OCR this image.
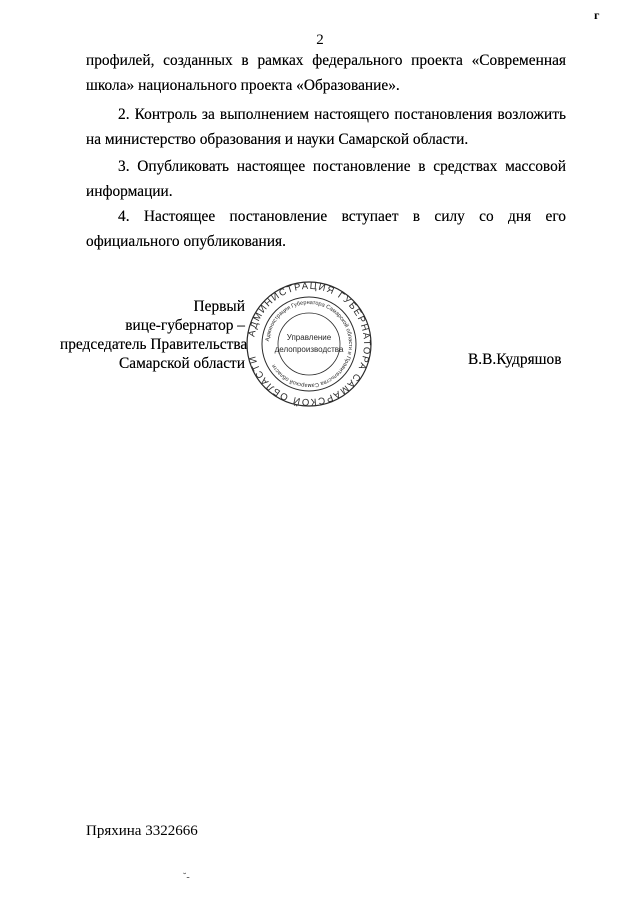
2
г
профилей, созданных в рамках федерального проекта «Современная школа» национального проекта «Образование».
2. Контроль за выполнением настоящего постановления возложить на министерство образования и науки Самарской области.
3. Опубликовать настоящее постановление в средствах массовой информации.
4. Настоящее постановление вступает в силу со дня его официального опубликования.
Первый
вице-губернатор –
председатель Правительства
Самарской области
АДМИНИСТРАЦИЯ ГУБЕРНАТОРА САМАРСКОЙ ОБЛАСТИ
Администрации Губернатора Самарской области и Правительства Самарской области
Управление
делопроизводства
В.В.Кудряшов
Пряхина 3322666
˘-
